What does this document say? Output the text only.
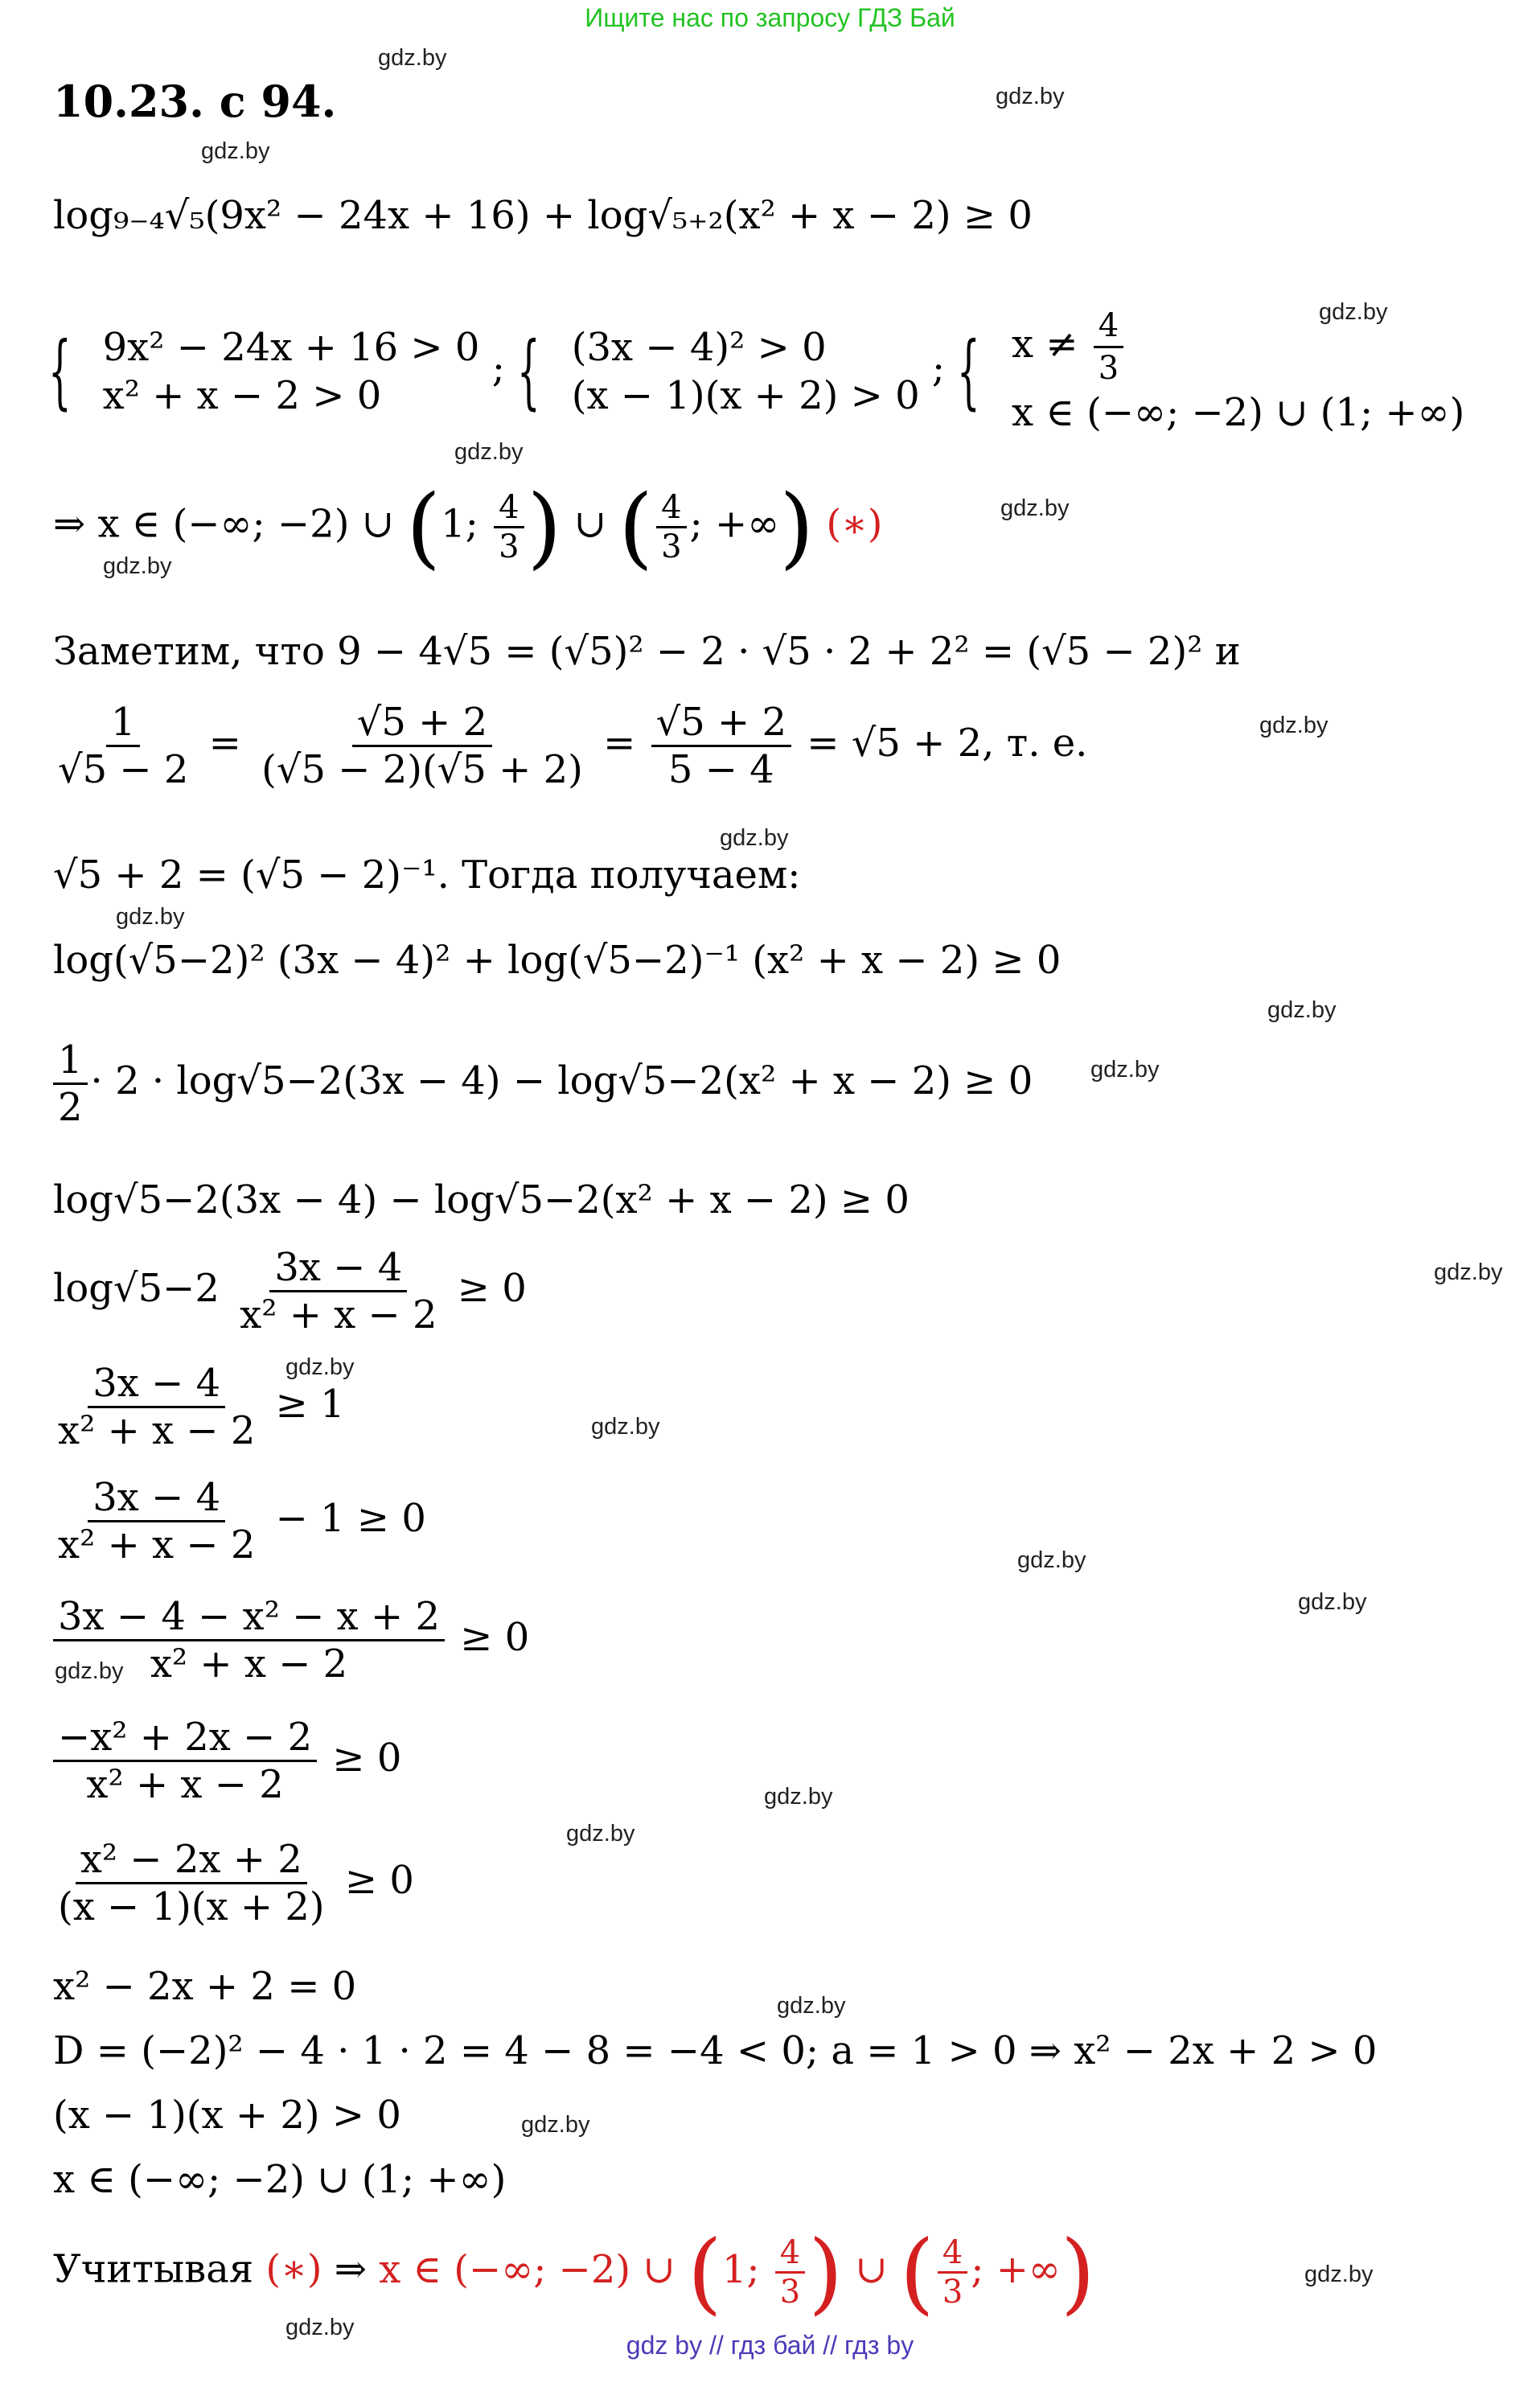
Ищите нас по запросу ГДЗ Бай
10.23. с 94.
gdz.by
gdz.by
gdz.by
gdz.by
gdz.by
gdz.by
gdz.by
gdz.by
gdz.by
gdz.by
gdz.by
gdz.by
gdz.by
gdz.by
gdz.by
gdz.by
gdz.by
gdz.by
gdz.by
gdz.by
gdz.by
gdz.by
gdz.by
gdz.by
log₉₋₄√₅(9x² − 24x + 16) + log√₅₊₂(x² + x − 2) ≥ 0
{ 9x² − 24x + 16 > 0
x² + x − 2 > 0
; { (3x − 4)² > 0
(x − 1)(x + 2) > 0
; { $x \ne \frac{4}{3}$
x ∈ (−∞; −2) ∪ (1; +∞)
⇒ x ∈ (−∞; −2) ∪ (1; $\frac{4}{3}$ ) ∪ ( $\frac{4}{3}$ ; +∞) (∗)
Заметим, что 9 − 4√5 = (√5)² − 2 · √5 · 2 + 2² = (√5 − 2)² и
$\frac{1}{√5 - 2} = \frac{√5 + 2}{(√5 - 2)(√5 + 2)} = \frac{√5 + 2}{5 - 4} = √5 + 2$, т. е.
√5 + 2 = (√5 − 2)⁻¹. Тогда получаем:
log(√5−2)² (3x − 4)² + log(√5−2)⁻¹ (x² + x − 2) ≥ 0
$\frac{1}{2} \cdot 2 \cdot \log√5-2(3x - 4) - \log√5-2(x^2 + x - 2) \ge 0$
log√5−2(3x − 4) − log√5−2(x² + x − 2) ≥ 0
$\log√5-2 \frac{3x - 4}{\text{x² + x − 2}} \ge 0$
$\frac{3x - 4}{\text{x² + x − 2}} \ge 1$
$\frac{3x - 4}{\text{x² + x − 2}} - 1 \ge 0$
$\frac{\text{3x − 4 − x² − x + 2}}{\text{x² + x − 2}} \ge 0$
$\frac{\text{−x² + 2x − 2}}{\text{x² + x − 2}} \ge 0$
$\frac{\text{x² − 2x + 2}}{(x - 1)(x + 2)} \ge 0$
x² − 2x + 2 = 0
D = (−2)² − 4 · 1 · 2 = 4 − 8 = −4 < 0; a = 1 > 0 ⇒ x² − 2x + 2 > 0
(x − 1)(x + 2) > 0
x ∈ (−∞; −2) ∪ (1; +∞)
Учитывая (∗) ⇒ x ∈ (−∞; −2) ∪ (1; $\frac{4}{3}$ ) ∪ ( $\frac{4}{3}$ ; +∞)
gdz by // гдз бай // гдз by
